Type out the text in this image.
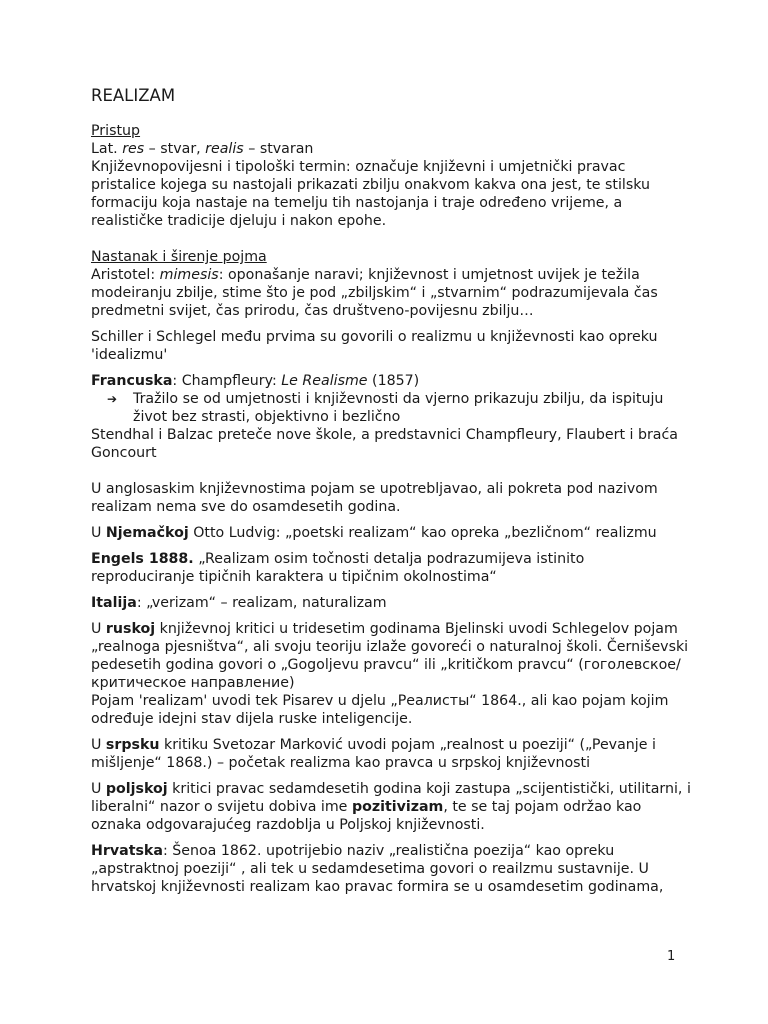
REALIZAM

Pristup

Lat. res – stvar, realis – stvaran

Književnopovijesni i tipološki termin: označuje književni i umjetnički pravac pristalice kojega su nastojali prikazati zbilju onakvom kakva ona jest, te stilsku formaciju koja nastaje na temelju tih nastojanja i traje određeno vrijeme, a realističke tradicije djeluju i nakon epohe.

Nastanak i širenje pojma

Aristotel: mimesis: oponašanje naravi; književnost i umjetnost uvijek je težila modeiranju zbilje, stime što je pod „zbiljskim“ i „stvarnim“ podrazumijevala čas predmetni svijet, čas prirodu, čas društveno-povijesnu zbilju…

Schiller i Schlegel među prvima su govorili o realizmu u književnosti kao opreku 'idealizmu'

Francuska: Champfleury: Le Realisme (1857)

➔	Tražilo se od umjetnosti i književnosti da vjerno prikazuju zbilju, da ispituju život bez strasti, objektivno i bezlično

Stendhal i Balzac preteče nove škole, a predstavnici Champfleury, Flaubert i braća Goncourt

U anglosaskim književnostima pojam se upotrebljavao, ali pokreta pod nazivom realizam nema sve do osamdesetih godina.

U Njemačkoj Otto Ludvig: „poetski realizam“ kao opreka „bezličnom“ realizmu

Engels 1888. „Realizam osim točnosti detalja podrazumijeva istinito reproduciranje tipičnih karaktera u tipičnim okolnostima“

Italija: „verizam“ – realizam, naturalizam

U ruskoj književnoj kritici u tridesetim godinama Bjelinski uvodi Schlegelov pojam „realnoga pjesništva“, ali svoju teoriju izlaže govoreći o naturalnoj školi. Černiševski pedesetih godina govori o „Gogoljevu pravcu“ ili „kritičkom pravcu“ (гоголевское/критическое направление)

Pojam 'realizam' uvodi tek Pisarev u djelu „Реалисты“ 1864., ali kao pojam kojim određuje idejni stav dijela ruske inteligencije.

U srpsku kritiku Svetozar Marković uvodi pojam „realnost u poeziji“ („Pevanje i mišljenje“ 1868.) – početak realizma kao pravca u srpskoj književnosti

U poljskoj kritici pravac sedamdesetih godina koji zastupa „scijentistički, utilitarni, i liberalni“ nazor o svijetu dobiva ime pozitivizam, te se taj pojam održao kao oznaka odgovarajućeg razdoblja u Poljskoj književnosti.

Hrvatska: Šenoa 1862. upotrijebio naziv „realistična poezija“ kao opreku „apstraktnoj poeziji“ , ali tek u sedamdesetima govori o reailzmu sustavnije. U hrvatskoj književnosti realizam kao pravac formira se u osamdesetim godinama,

1
